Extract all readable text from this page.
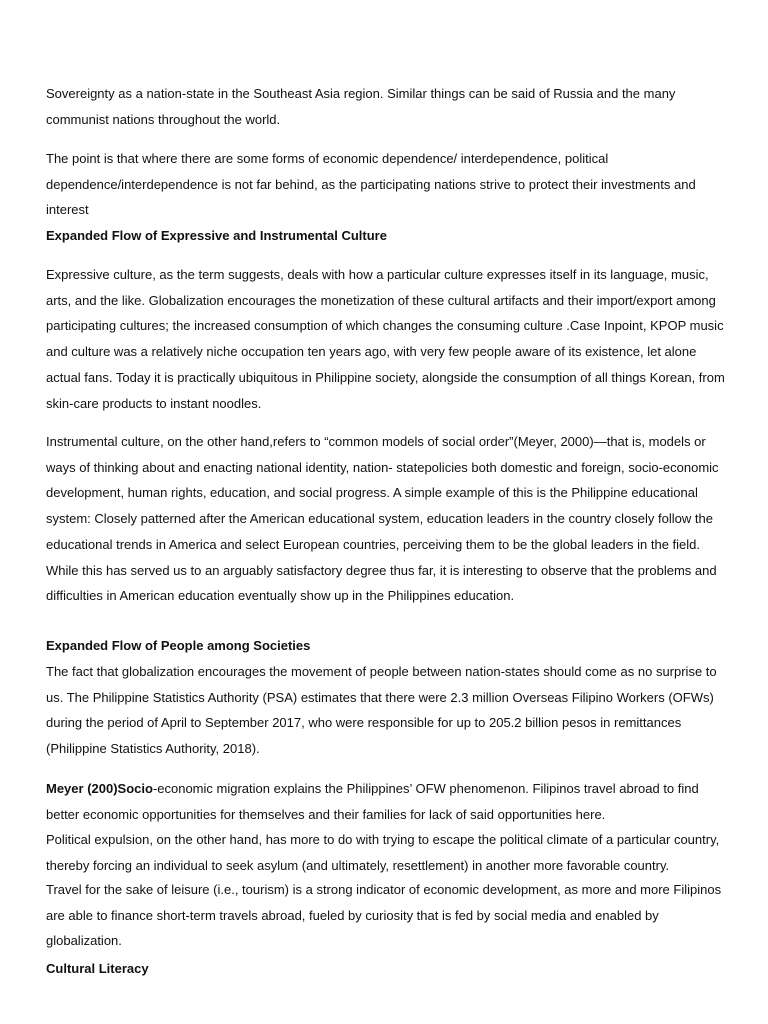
Sovereignty as a nation-state in the Southeast Asia region. Similar things can be said of Russia and the many communist nations throughout the world.

The point is that where there are some forms of economic dependence/ interdependence, political dependence/interdependence is not far behind, as the participating nations strive to protect their investments and interest

Expanded Flow of Expressive and Instrumental Culture

Expressive culture, as the term suggests, deals with how a particular culture expresses itself in its language, music, arts, and the like. Globalization encourages the monetization of these cultural artifacts and their import/export among participating cultures; the increased consumption of which changes the consuming culture .Case Inpoint, KPOP music and culture was a relatively niche occupation ten years ago, with very few people aware of its existence, let alone actual fans. Today it is practically ubiquitous in Philippine society, alongside the consumption of all things Korean, from skin-care products to instant noodles.

Instrumental culture, on the other hand,refers to “common models of social order”(Meyer, 2000)—that is, models or ways of thinking about and enacting national identity, nation- statepolicies both domestic and foreign, socio-economic development, human rights, education, and social progress. A simple example of this is the Philippine educational system: Closely patterned after the American educational system, education leaders in the country closely follow the educational trends in America and select European countries, perceiving them to be the global leaders in the field. While this has served us to an arguably satisfactory degree thus far, it is interesting to observe that the problems and difficulties in American education eventually show up in the Philippines education.

Expanded Flow of People among Societies

The fact that globalization encourages the movement of people between nation-states should come as no surprise to us. The Philippine Statistics Authority (PSA) estimates that there were 2.3 million Overseas Filipino Workers (OFWs) during the period of April to September 2017, who were responsible for up to 205.2 billion pesos in remittances (Philippine Statistics Authority, 2018).

Meyer (200)Socio-economic migration explains the Philippines’ OFW phenomenon. Filipinos travel abroad to find better economic opportunities for themselves and their families for lack of said opportunities here.

Political expulsion, on the other hand, has more to do with trying to escape the political climate of a particular country, thereby forcing an individual to seek asylum (and ultimately, resettlement) in another more favorable country.

Travel for the sake of leisure (i.e., tourism) is a strong indicator of economic development, as more and more Filipinos are able to finance short-term travels abroad, fueled by curiosity that is fed by social media and enabled by globalization.

Cultural Literacy
